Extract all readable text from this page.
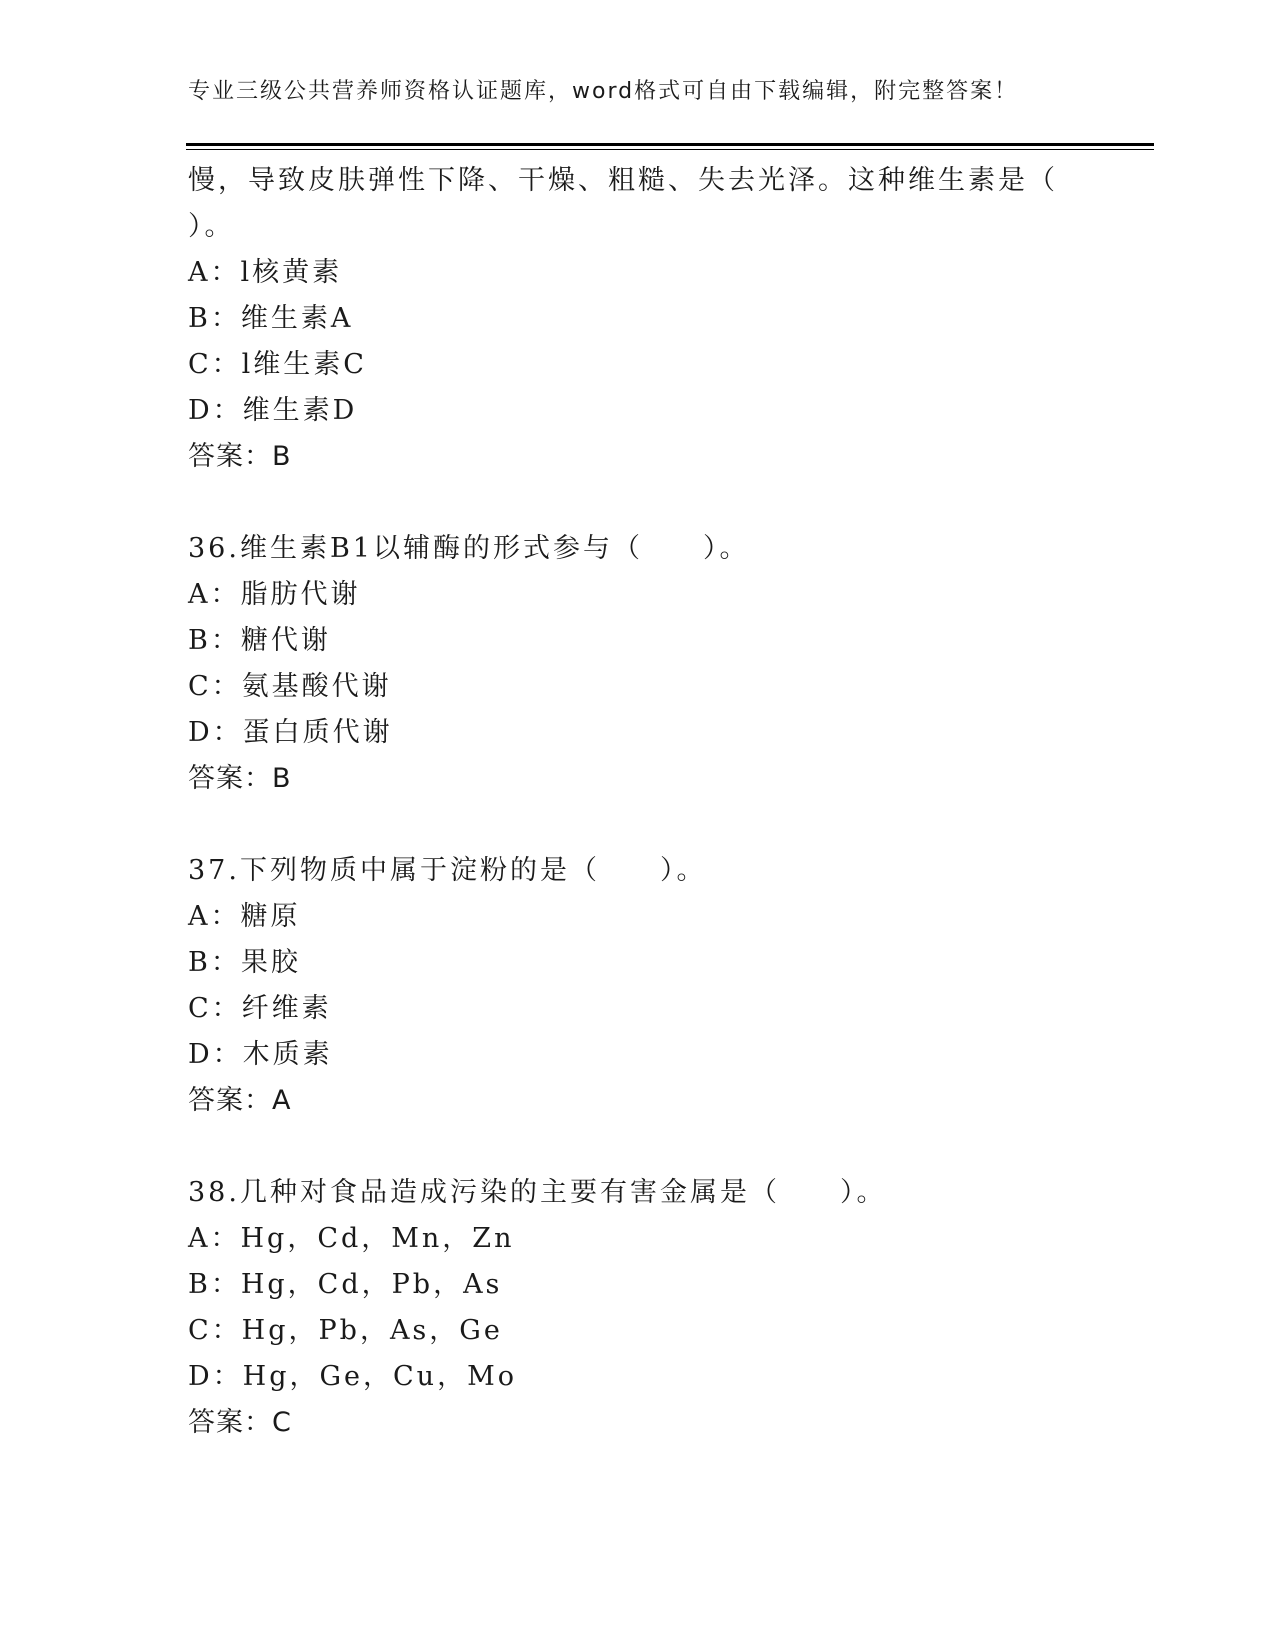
专业三级公共营养师资格认证题库，word格式可自由下载编辑，附完整答案！
慢，导致皮肤弹性下降、干燥、粗糙、失去光泽。这种维生素是（
）。
A：l核黄素
B：维生素A
C：l维生素C
D：维生素D
答案：B
36.维生素B1以辅酶的形式参与（　　）。
A：脂肪代谢
B：糖代谢
C：氨基酸代谢
D：蛋白质代谢
答案：B
37.下列物质中属于淀粉的是（　　）。
A：糖原
B：果胶
C：纤维素
D：木质素
答案：A
38.几种对食品造成污染的主要有害金属是（　　）。
A：Hg，Cd，Mn，Zn
B：Hg，Cd，Pb，As
C：Hg，Pb，As，Ge
D：Hg，Ge，Cu，Mo
答案：C
